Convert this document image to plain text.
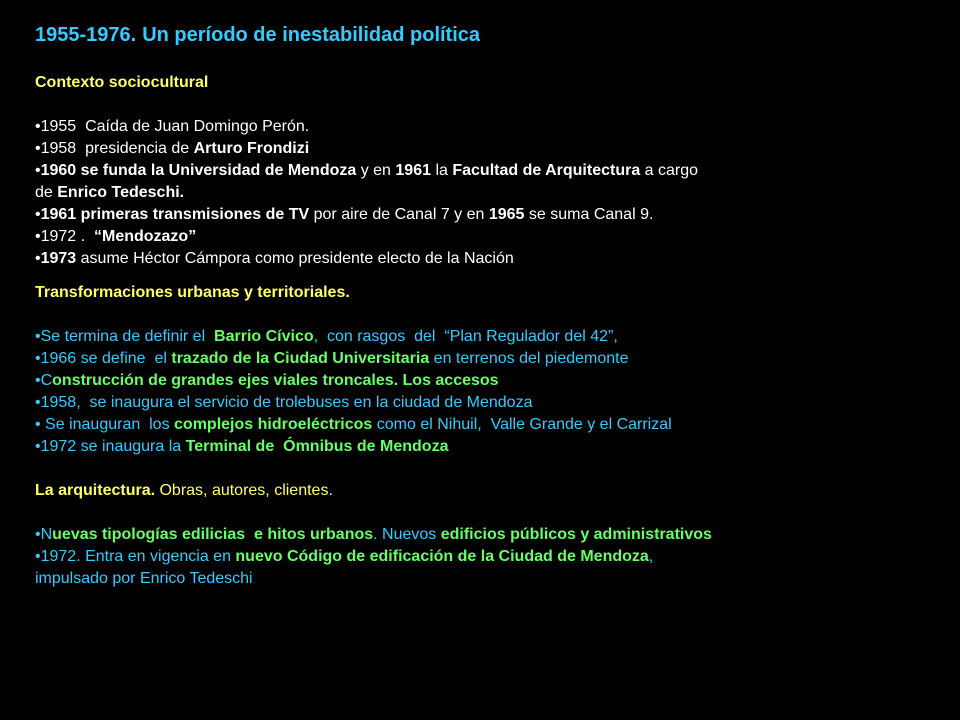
1955-1976. Un período de inestabilidad política
Contexto sociocultural
•1955  Caída de Juan Domingo Perón.
•1958  presidencia de Arturo Frondizi
•1960 se funda la Universidad de Mendoza y en 1961 la Facultad de Arquitectura a cargo
de Enrico Tedeschi.
•1961 primeras transmisiones de TV por aire de Canal 7 y en 1965 se suma Canal 9.
•1972 .  “Mendozazo”
•1973 asume Héctor Cámpora como presidente electo de la Nación
Transformaciones urbanas y territoriales.
•Se termina de definir el  Barrio Cívico,  con rasgos  del  “Plan Regulador del 42”,
•1966 se define  el trazado de la Ciudad Universitaria en terrenos del piedemonte
•Construcción de grandes ejes viales troncales. Los accesos
•1958,  se inaugura el servicio de trolebuses en la ciudad de Mendoza
• Se inauguran  los complejos hidroeléctricos como el Nihuil,  Valle Grande y el Carrizal
•1972 se inaugura la Terminal de  Ómnibus de Mendoza
La arquitectura. Obras, autores, clientes.
•Nuevas tipologías edilicias  e hitos urbanos. Nuevos edificios públicos y administrativos
•1972. Entra en vigencia en nuevo Código de edificación de la Ciudad de Mendoza,
impulsado por Enrico Tedeschi
